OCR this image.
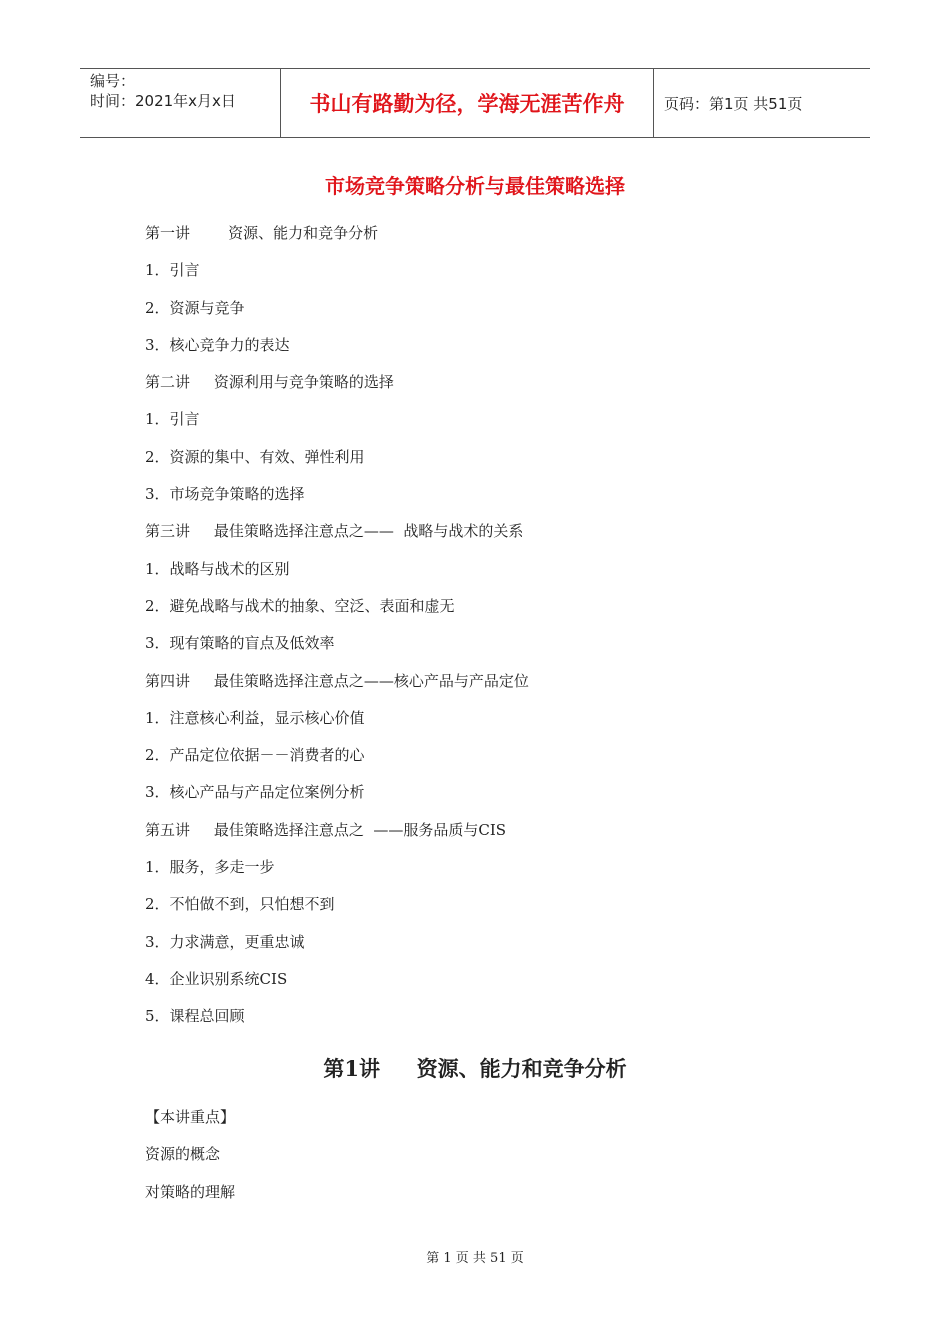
编号：
时间：2021年x月x日	书山有路勤为径，学海无涯苦作舟	页码：第1页 共51页
市场竞争策略分析与最佳策略选择
第一讲        资源、能力和竞争分析
1．引言
2．资源与竞争
3．核心竞争力的表达
第二讲     资源利用与竞争策略的选择
1．引言
2．资源的集中、有效、弹性利用
3．市场竞争策略的选择
第三讲     最佳策略选择注意点之——  战略与战术的关系
1．战略与战术的区别
2．避免战略与战术的抽象、空泛、表面和虚无
3．现有策略的盲点及低效率
第四讲     最佳策略选择注意点之——核心产品与产品定位
1．注意核心利益，显示核心价值
2．产品定位依据－－消费者的心
3．核心产品与产品定位案例分析
第五讲     最佳策略选择注意点之  ——服务品质与CIS
1．服务，多走一步
2．不怕做不到，只怕想不到
3．力求满意，更重忠诚
4．企业识别系统CIS
5．课程总回顾
第1讲     资源、能力和竞争分析
【本讲重点】
资源的概念
对策略的理解
第 1 页 共 51 页
